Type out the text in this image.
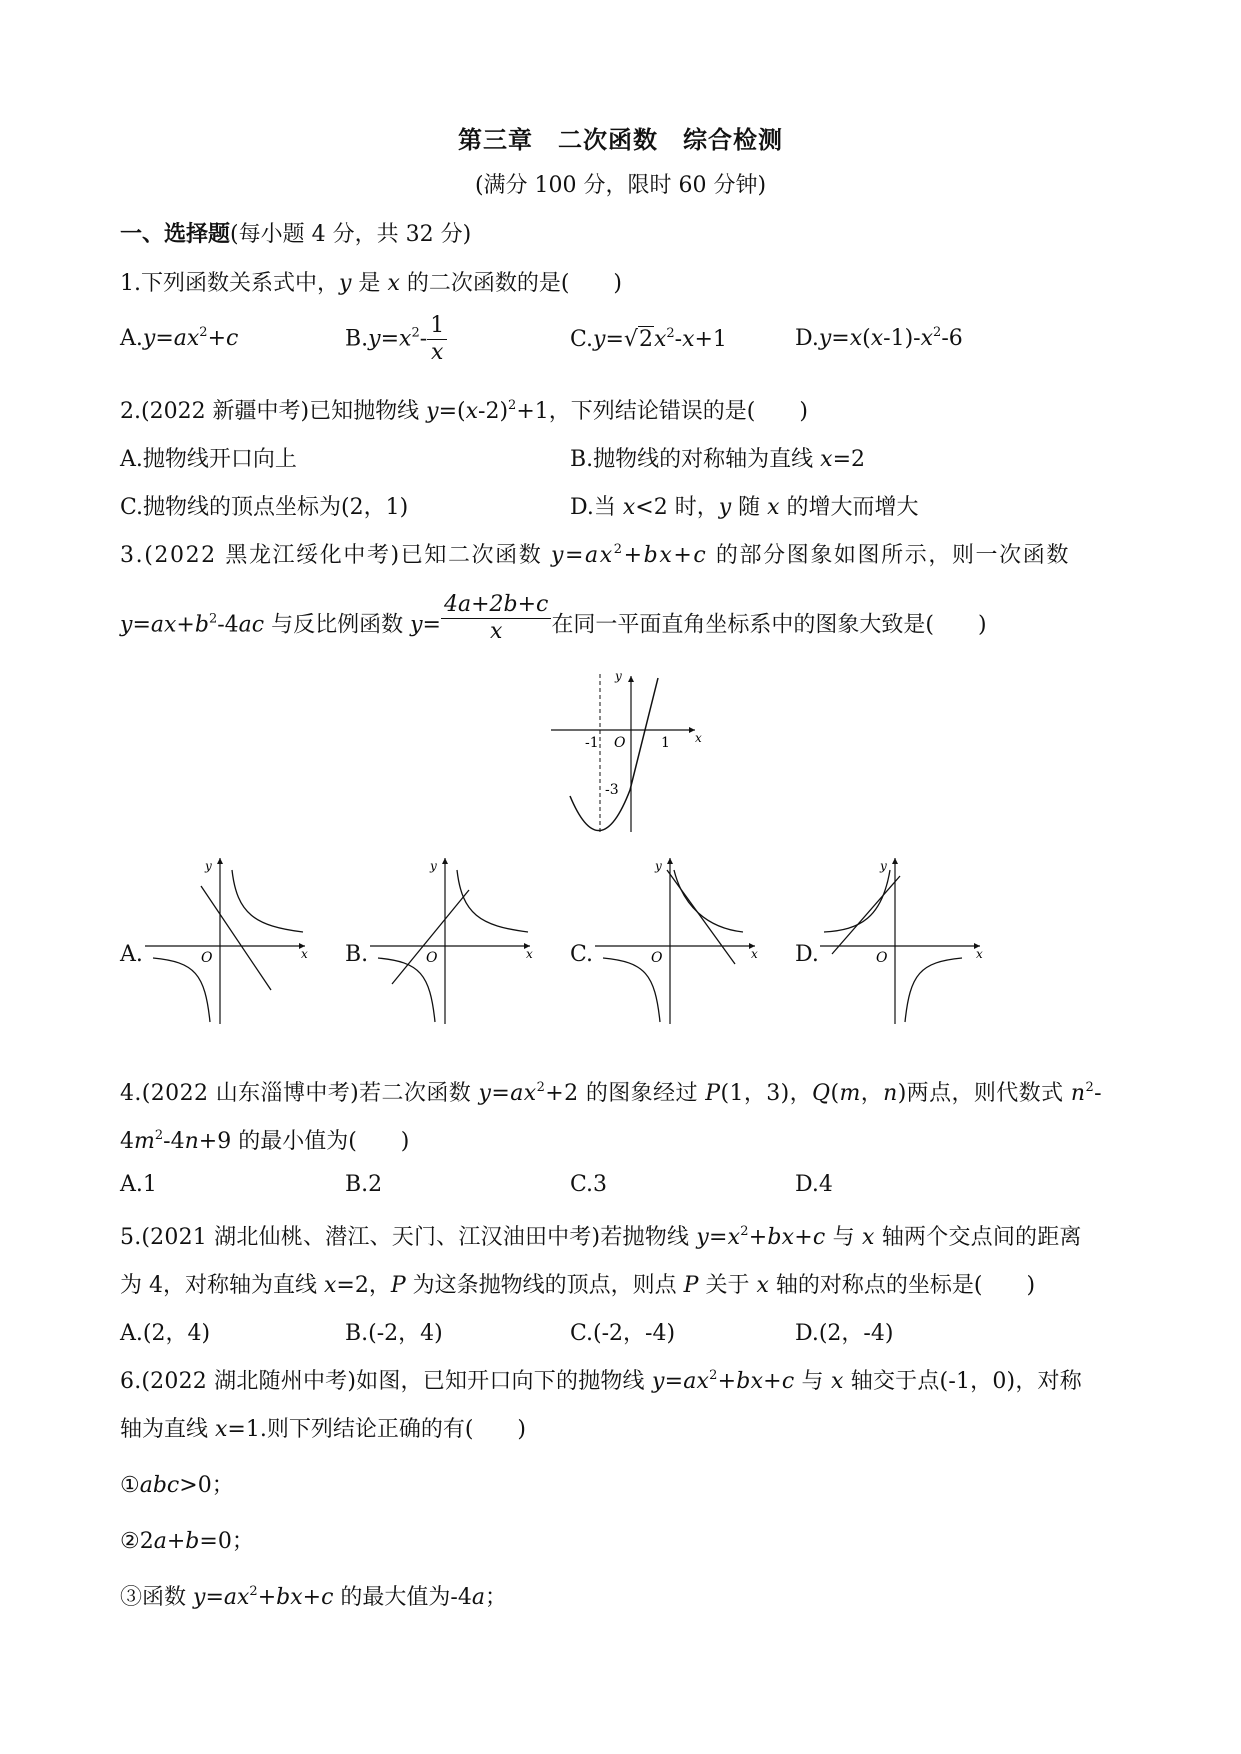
第三章　二次函数　综合检测
(满分 100 分，限时 60 分钟)
一、选择题(每小题 4 分，共 32 分)
1.下列函数关系式中，y 是 x 的二次函数的是(　　)
$A.y=ax^2+c$	$B.y=x^2- \frac{1}{x}$	$C.y=√2x^2-x+1$	$D.y=x(x-1)-x^2-6$
2.(2022 新疆中考)已知抛物线 $y=(x-2)^2+1$，下列结论错误的是(　　)
A.抛物线开口向上	B.抛物线的对称轴为直线 x=2
C.抛物线的顶点坐标为(2，1)	D.当 x<2 时，y 随 x 的增大而增大
3.(2022 黑龙江绥化中考)已知二次函数 $y=ax^2+bx+c$ 的部分图象如图所示，则一次函数
$y=ax+b^2-4ac$ 与反比例函数 $y= \frac{4a+2b+c}{x}$ 在同一平面直角坐标系中的图象大致是(　　)
y
x
-1 O	1
-3
A.	B.	C.	D.
y
x
O
y
x
O
y
x
O
y
x
O
4.(2022 山东淄博中考)若二次函数 $y=ax^2+2$ 的图象经过 P(1，3)，Q(m，n)两点，则代数式 $n^2-$
$4m^2-4n+9$ 的最小值为(　　)
A.1	B.2	C.3	D.4
5.(2021 湖北仙桃、潜江、天门、江汉油田中考)若抛物线 $y=x^2+bx+c$ 与 x 轴两个交点间的距离
为 4，对称轴为直线 x=2，P 为这条抛物线的顶点，则点 P 关于 x 轴的对称点的坐标是(　　)
A.(2，4)	B.(-2，4)	C.(-2，-4)	D.(2，-4)
6.(2022 湖北随州中考)如图，已知开口向下的抛物线 $y=ax^2+bx+c$ 与 x 轴交于点(-1，0)，对称
轴为直线 x=1.则下列结论正确的有(　　)
①abc>0；
②2a+b=0；
③函数 $y=ax^2+bx+c$ 的最大值为-4a；
